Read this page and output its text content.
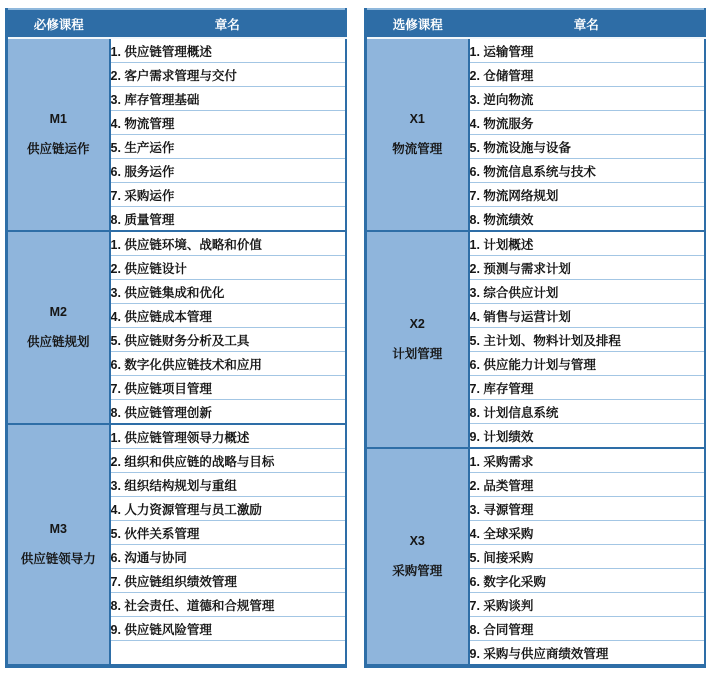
必修课程	章名

M1
供应链运作	1. 供应链管理概述
	2. 客户需求管理与交付
	3. 库存管理基础
	4. 物流管理
	5. 生产运作
	6. 服务运作
	7. 采购运作
	8. 质量管理

M2
供应链规划	1. 供应链环境、战略和价值
	2. 供应链设计
	3. 供应链集成和优化
	4. 供应链成本管理
	5. 供应链财务分析及工具
	6. 数字化供应链技术和应用
	7. 供应链项目管理
	8. 供应链管理创新

M3
供应链领导力	1. 供应链管理领导力概述
	2. 组织和供应链的战略与目标
	3. 组织结构规划与重组
	4. 人力资源管理与员工激励
	5. 伙伴关系管理
	6. 沟通与协同
	7. 供应链组织绩效管理
	8. 社会责任、道德和合规管理
	9. 供应链风险管理

选修课程	章名

X1
物流管理	1. 运输管理
	2. 仓储管理
	3. 逆向物流
	4. 物流服务
	5. 物流设施与设备
	6. 物流信息系统与技术
	7. 物流网络规划
	8. 物流绩效

X2
计划管理	1. 计划概述
	2. 预测与需求计划
	3. 综合供应计划
	4. 销售与运营计划
	5. 主计划、物料计划及排程
	6. 供应能力计划与管理
	7. 库存管理
	8. 计划信息系统
	9. 计划绩效

X3
采购管理	1. 采购需求
	2. 品类管理
	3. 寻源管理
	4. 全球采购
	5. 间接采购
	6. 数字化采购
	7. 采购谈判
	8. 合同管理
	9. 采购与供应商绩效管理
